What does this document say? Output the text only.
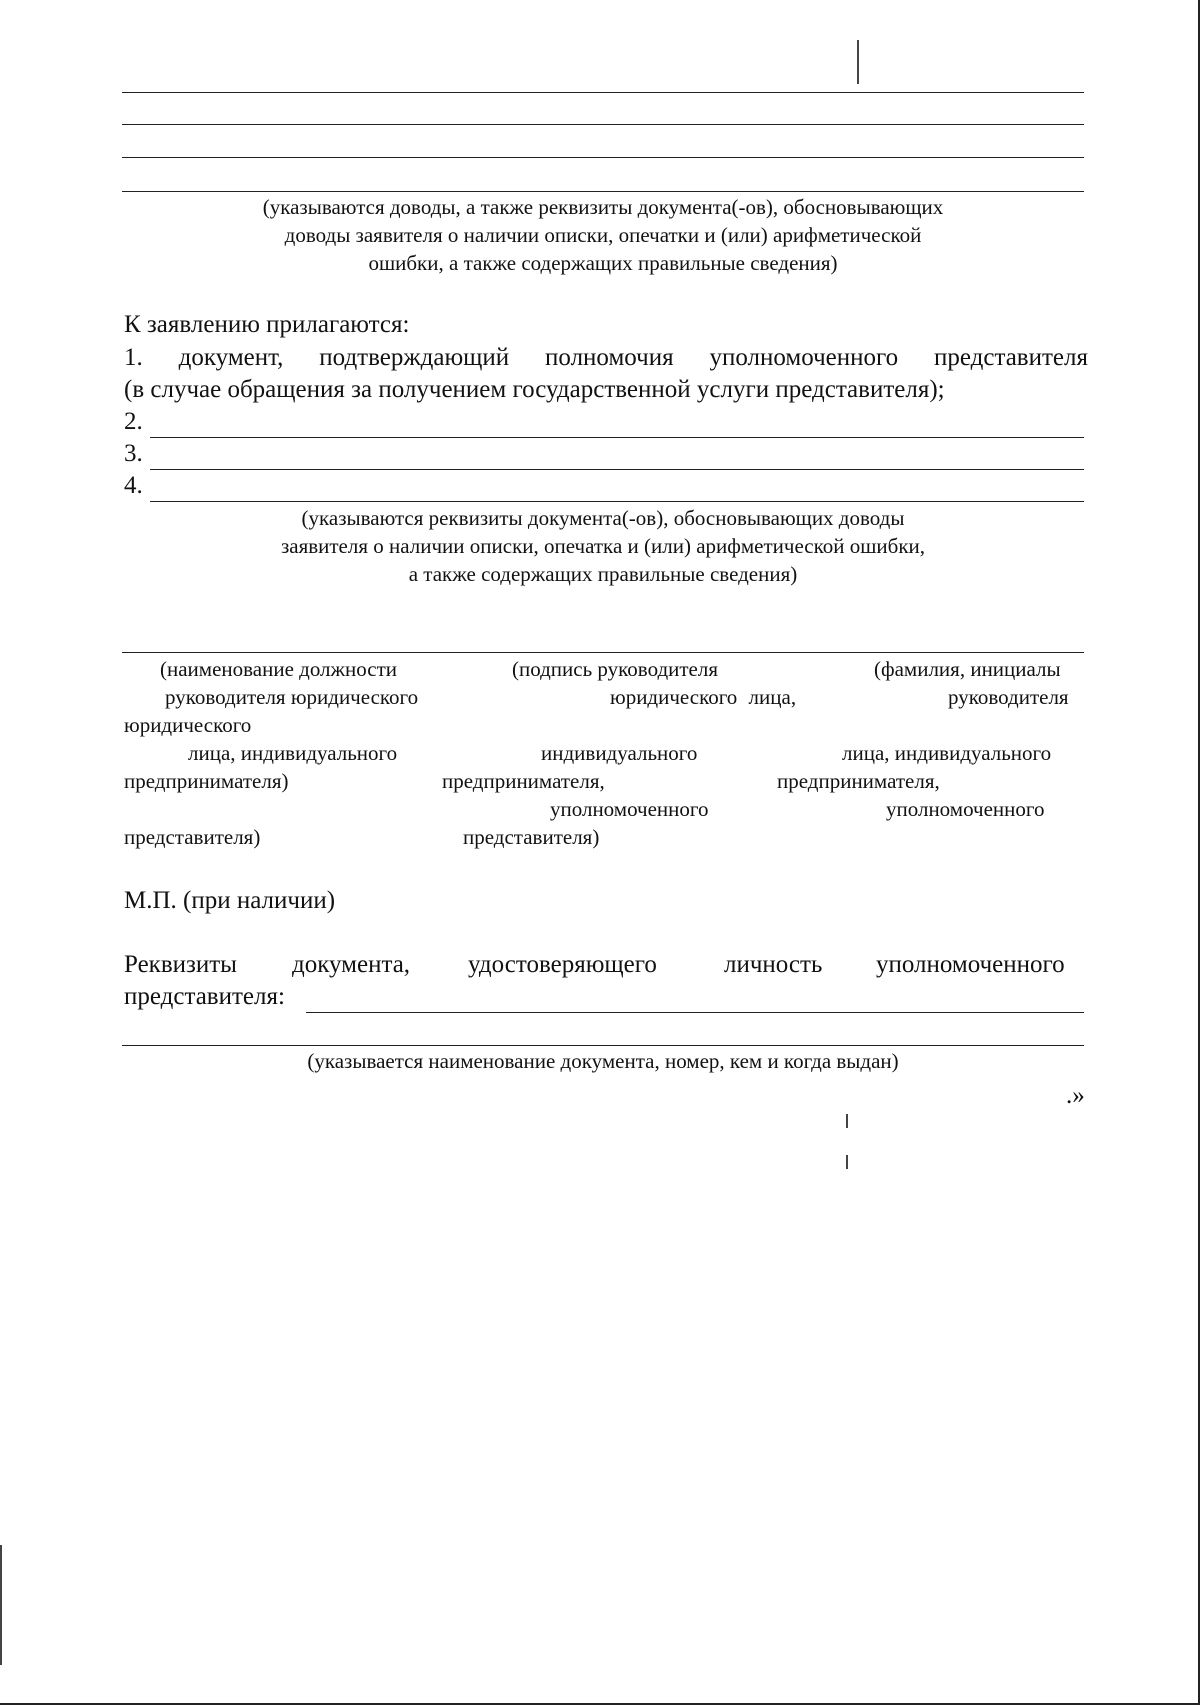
(указываются доводы, а также реквизиты документа(-ов), обосновывающих
доводы заявителя о наличии описки, опечатки и (или) арифметической
ошибки, а также содержащих правильные сведения)
К заявлению прилагаются:
1. документ, подтверждающий полномочия уполномоченного представителя
(в случае обращения за получением государственной услуги представителя);
2.
3.
4.
(указываются реквизиты документа(-ов), обосновывающих доводы
заявителя о наличии описки, опечатка и (или) арифметической ошибки,
а также содержащих правильные сведения)
(наименование должности
руководителя юридического
юридического
лица, индивидуального
предпринимателя)
представителя)
(подпись руководителя
юридического лица,
индивидуального
предпринимателя,
уполномоченного
представителя)
(фамилия, инициалы
руководителя
лица, индивидуального
предпринимателя,
уполномоченного
М.П. (при наличии)
Реквизиты документа, удостоверяющего	личность уполномоченного
представителя:
(указывается наименование документа, номер, кем и когда выдан)
.»
